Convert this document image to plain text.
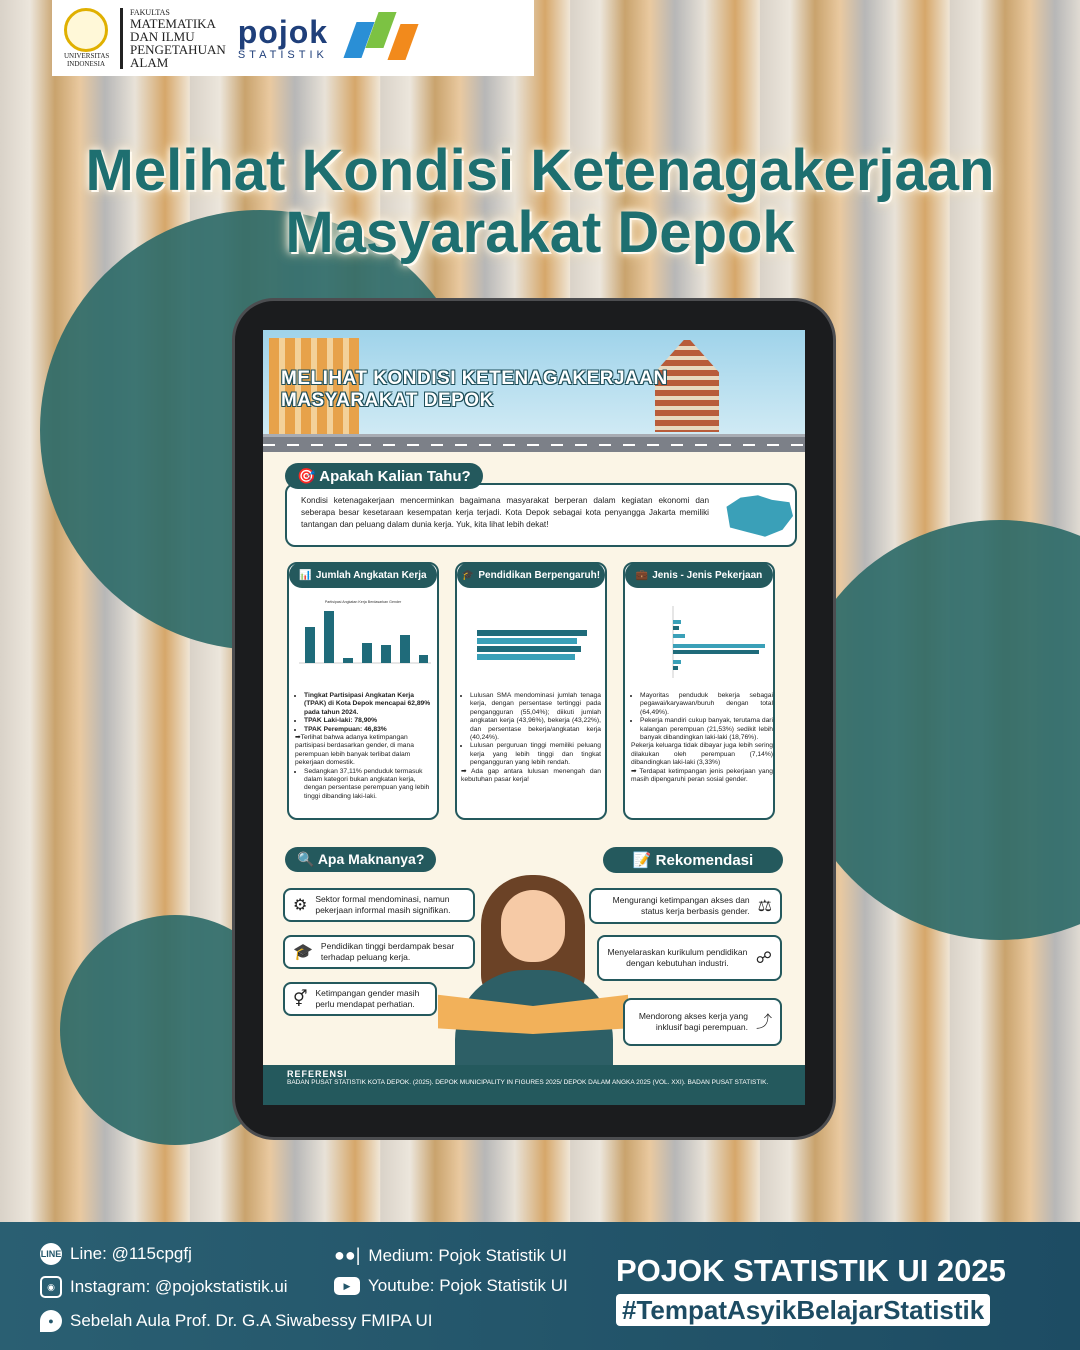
UNIVERSITAS INDONESIA
FAKULTAS
MATEMATIKA
DAN ILMU
PENGETAHUAN
ALAM
pojok
STATISTIK
Melihat Kondisi Ketenagakerjaan
Masyarakat Depok
MELIHAT KONDISI KETENAGAKERJAAN
MASYARAKAT DEPOK
Kondisi ketenagakerjaan mencerminkan bagaimana masyarakat berperan dalam kegiatan ekonomi dan seberapa besar kesetaraan kesempatan kerja terjadi. Kota Depok sebagai kota penyangga Jakarta memiliki tantangan dan peluang dalam dunia kerja. Yuk, kita lihat lebih dekat!
🎯 Apakah Kalian Tahu?
📊 Jumlah Angkatan Kerja
Partisipasi Angkatan Kerja Berdasarkan Gender
• Tingkat Partisipasi Angkatan Kerja (TPAK) di Kota Depok mencapai 62,89% pada tahun 2024.
• TPAK Laki-laki: 78,90%
• TPAK Perempuan: 46,83%
➡Terlihat bahwa adanya ketimpangan partisipasi berdasarkan gender, di mana perempuan lebih banyak terlibat dalam pekerjaan domestik.
• Sedangkan 37,11% penduduk termasuk dalam kategori bukan angkatan kerja, dengan persentase perempuan yang lebih tinggi dibanding laki-laki.
🎓 Pendidikan Berpengaruh!
• Lulusan SMA mendominasi jumlah tenaga kerja, dengan persentase tertinggi pada pengangguran (55,04%); diikuti jumlah angkatan kerja (43,96%), bekerja (43,22%), dan persentase bekerja/angkatan kerja (40,24%).
• Lulusan perguruan tinggi memiliki peluang kerja yang lebih tinggi dan tingkat pengangguran yang lebih rendah.
➡ Ada gap antara lulusan menengah dan kebutuhan pasar kerja!
💼 Jenis - Jenis Pekerjaan
• Mayoritas penduduk bekerja sebagai pegawai/karyawan/buruh dengan total (64,49%).
• Pekerja mandiri cukup banyak, terutama dari kalangan perempuan (21,53%) sedikit lebih banyak dibandingkan laki-laki (18,76%).
Pekerja keluarga tidak dibayar juga lebih sering dilakukan oleh perempuan (7,14%) dibandingkan laki-laki (3,33%)
➡ Terdapat ketimpangan jenis pekerjaan yang masih dipengaruhi peran sosial gender.
🔍 Apa Maknanya?
⚙ Sektor formal mendominasi, namun pekerjaan informal masih signifikan.
🎓 Pendidikan tinggi berdampak besar terhadap peluang kerja.
⚥ Ketimpangan gender masih perlu mendapat perhatian.
📝 Rekomendasi
Mengurangi ketimpangan akses dan status kerja berbasis gender. ⚖
Menyelaraskan kurikulum pendidikan dengan kebutuhan industri.	☍
Mendorong akses kerja yang inklusif bagi perempuan. ⤴
REFERENSI
BADAN PUSAT STATISTIK KOTA DEPOK. (2025). DEPOK MUNICIPALITY IN FIGURES 2025/ DEPOK DALAM ANGKA 2025 (VOL. XXI). BADAN PUSAT STATISTIK.
LINE Line: @115cpgfj
◉ Instagram: @pojokstatistik.ui
● Sebelah Aula Prof. Dr. G.A Siwabessy FMIPA UI
●●| Medium: Pojok Statistik UI
▶	Youtube: Pojok Statistik UI POJOK STATISTIK UI 2025
#TempatAsyikBelajarStatistik
